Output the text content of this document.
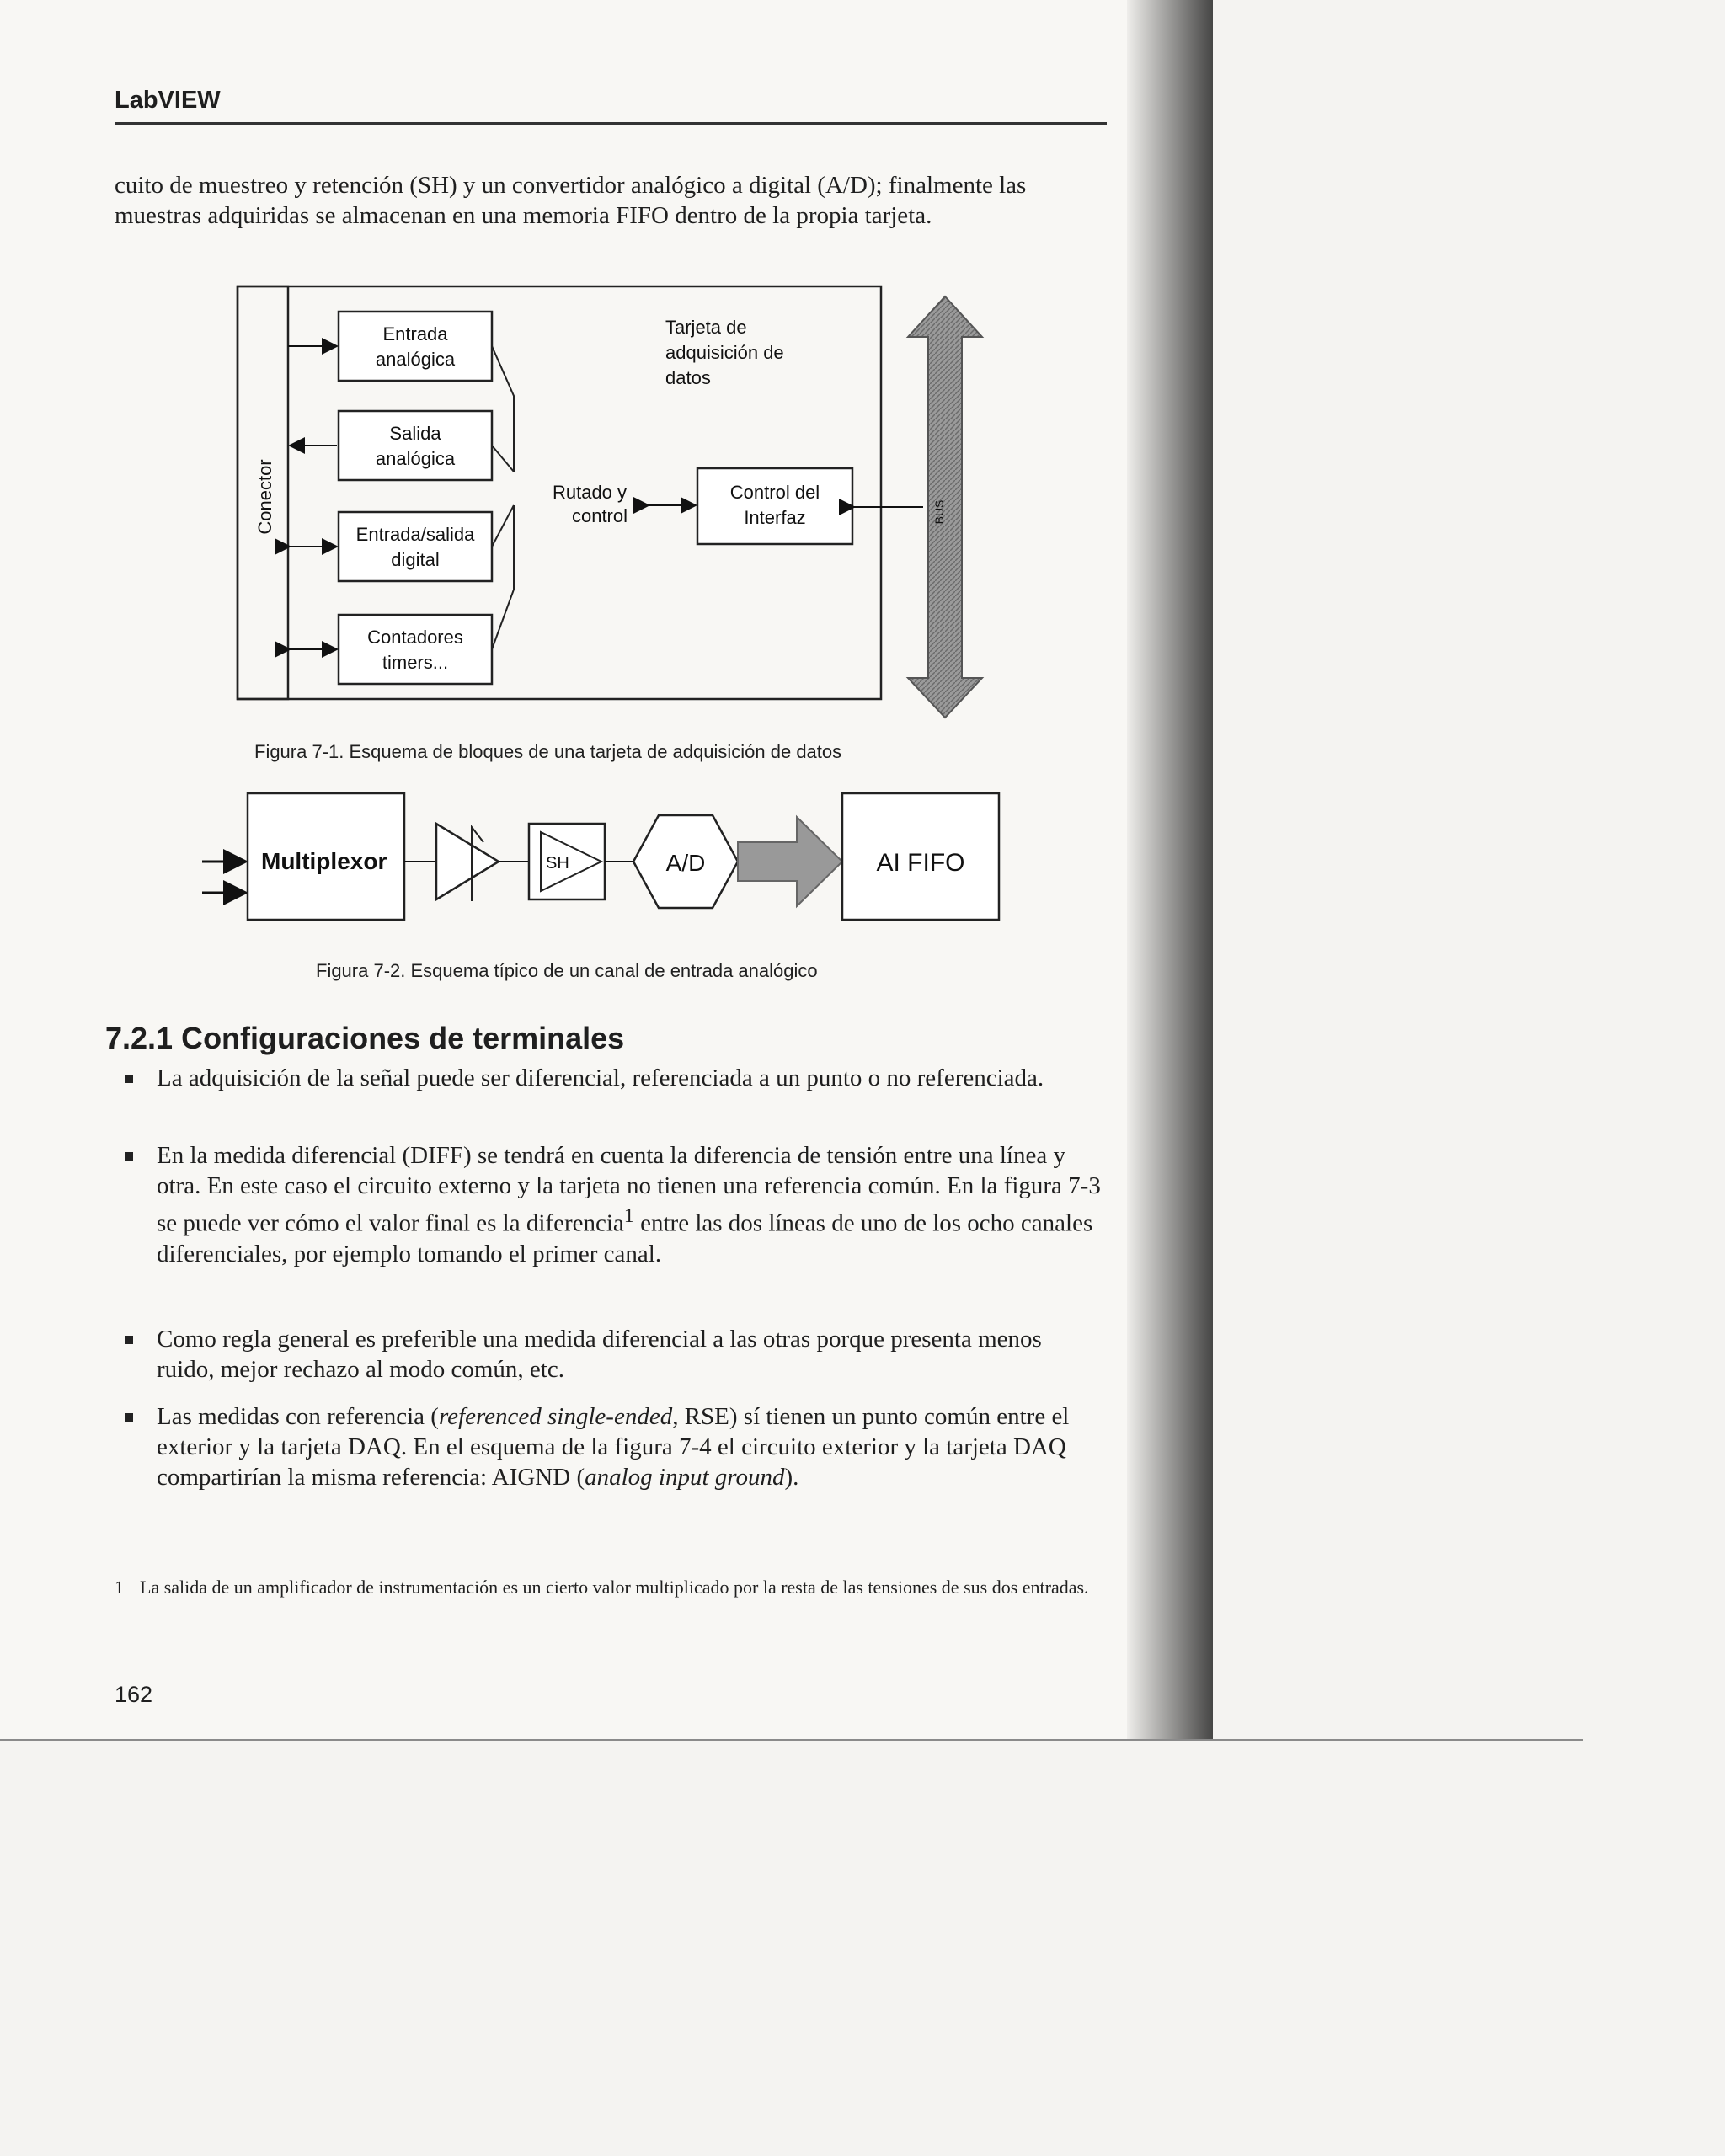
LabVIEW
cuito de muestreo y retención (SH) y un convertidor analógico a digital (A/D); finalmente las muestras adquiridas se almacenan en una memoria FIFO dentro de la propia tarjeta.
Conector
Entrada
analógica
Salida
analógica
Entrada/salida
digital
Contadores
timers...
Rutado y
control
Tarjeta de
adquisición de
datos
Control del
Interfaz	BUS
Figura 7-1. Esquema de bloques de una tarjeta de adquisición de datos
Multiplexor	SH	A/D	AI FIFO
Figura 7-2. Esquema típico de un canal de entrada analógico
7.2.1 Configuraciones de terminales
La adquisición de la señal puede ser diferencial, referenciada a un punto o no referenciada.
En la medida diferencial (DIFF) se tendrá en cuenta la diferencia de tensión entre una línea y otra. En este caso el circuito externo y la tarjeta no tienen una referencia común. En la figura 7-3 se puede ver cómo el valor final es la diferencia$^1$ entre las dos líneas de uno de los ocho canales diferenciales, por ejemplo tomando el primer canal.
Como regla general es preferible una medida diferencial a las otras porque presenta menos ruido, mejor rechazo al modo común, etc.
Las medidas con referencia (referenced single-ended, RSE) sí tienen un punto común entre el exterior y la tarjeta DAQ. En el esquema de la figura 7-4 el circuito exterior y la tarjeta DAQ compartirían la misma referencia: AIGND (analog input ground).
1 La salida de un amplificador de instrumentación es un cierto valor multiplicado por la resta de las tensiones de sus dos entradas.
162
